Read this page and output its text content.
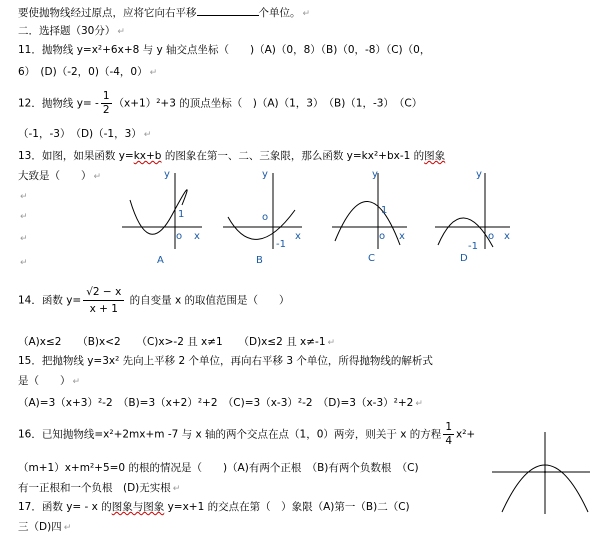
要使抛物线经过原点，应将它向右平移	个单位。 ↵
二．选择题（30分） ↵
11．抛物线 y=x²+6x+8 与 y 轴交点坐标（　　)（A)（0，8）（B)（0，-8）（C)（0，
6）　(D)（-2，0)（-4，0） ↵
12．抛物线 $y= - \frac{1}{2} (x+1)^2+3$ 的顶点坐标（　)（A)（1，3）　（B)（1，-3）　（C）
（-1，-3）　（D)（-1，3） ↵
13．如图，如果函数 y=kx+b 的图象在第一、二、三象限，那么函数 y=kx²+bx-1 的图象
大致是（　　） ↵
↵
↵
↵
↵
y
x
o
1
A
y
x
o
-1
B
y
x
o
1
C
y
x
o
-1
D
14．函数 $y= \frac{√2 - x}{x + 1}$ 的自变量 x 的取值范围是（　　）
（A)x≤2　　（B)x<2　　（C)x>-2 且 x≠1　　（D)x≤2 且 x≠-1 ↵
15．把抛物线 y=3x² 先向上平移 2 个单位，再向右平移 3 个单位，所得抛物线的解析式
是（　　） ↵
（A)=3（x+3）²-2　（B)=3（x+2）²+2　（C)=3（x-3）²-2　（D)=3（x-3）²+2 ↵
16．已知抛物线=x²+2mx+m -7 与 x 轴的两个交点在点（1，0）两旁，则关于 x 的方程 $\frac{1}{4} x^2+$
（m+1）x+m²+5=0 的根的情况是（　　)（A)有两个正根　（B)有两个负数根　（C)
有一正根和一个负根　(D)无实根 ↵
17．函数 y= - x 的图象与图象 y=x+1 的交点在第（　）象限（A)第一（B)二（C)
三（D)四 ↵
